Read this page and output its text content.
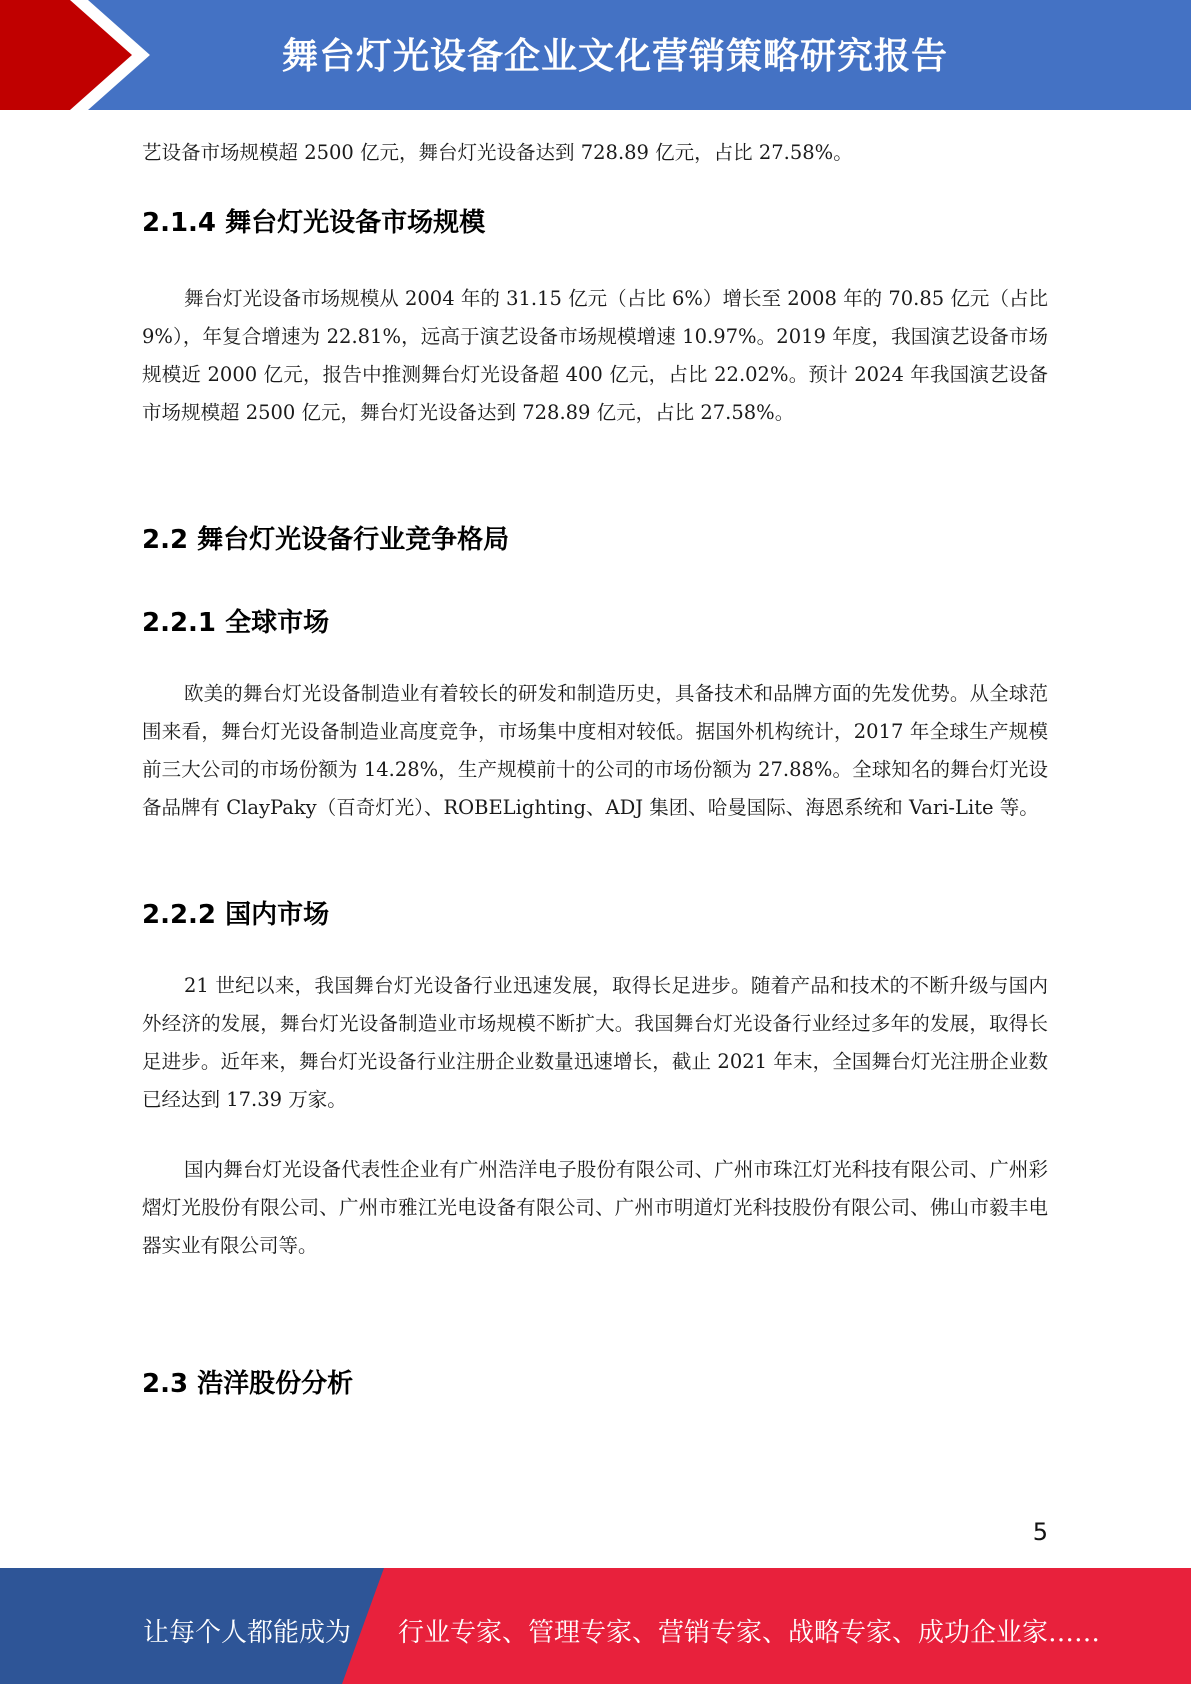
舞台灯光设备企业文化营销策略研究报告

艺设备市场规模超 2500 亿元，舞台灯光设备达到 728.89 亿元，占比 27.58%。

2.1.4 舞台灯光设备市场规模

舞台灯光设备市场规模从 2004 年的 31.15 亿元（占比 6%）增长至 2008 年的 70.85 亿元（占比 9%），年复合增速为 22.81%，远高于演艺设备市场规模增速 10.97%。2019 年度，我国演艺设备市场规模近 2000 亿元，报告中推测舞台灯光设备超 400 亿元，占比 22.02%。预计 2024 年我国演艺设备市场规模超 2500 亿元，舞台灯光设备达到 728.89 亿元，占比 27.58%。

2.2 舞台灯光设备行业竞争格局
2.2.1 全球市场

欧美的舞台灯光设备制造业有着较长的研发和制造历史，具备技术和品牌方面的先发优势。从全球范围来看，舞台灯光设备制造业高度竞争，市场集中度相对较低。据国外机构统计，2017 年全球生产规模前三大公司的市场份额为 14.28%，生产规模前十的公司的市场份额为 27.88%。全球知名的舞台灯光设备品牌有 ClayPaky（百奇灯光）、ROBELighting、ADJ 集团、哈曼国际、海恩系统和 Vari-Lite 等。

2.2.2 国内市场

21 世纪以来，我国舞台灯光设备行业迅速发展，取得长足进步。随着产品和技术的不断升级与国内外经济的发展，舞台灯光设备制造业市场规模不断扩大。我国舞台灯光设备行业经过多年的发展，取得长足进步。近年来，舞台灯光设备行业注册企业数量迅速增长，截止 2021 年末，全国舞台灯光注册企业数已经达到 17.39 万家。

国内舞台灯光设备代表性企业有广州浩洋电子股份有限公司、广州市珠江灯光科技有限公司、广州彩熠灯光股份有限公司、广州市雅江光电设备有限公司、广州市明道灯光科技股份有限公司、佛山市毅丰电器实业有限公司等。

2.3 浩洋股份分析
5
让每个人都能成为 行业专家、管理专家、营销专家、战略专家、成功企业家……
